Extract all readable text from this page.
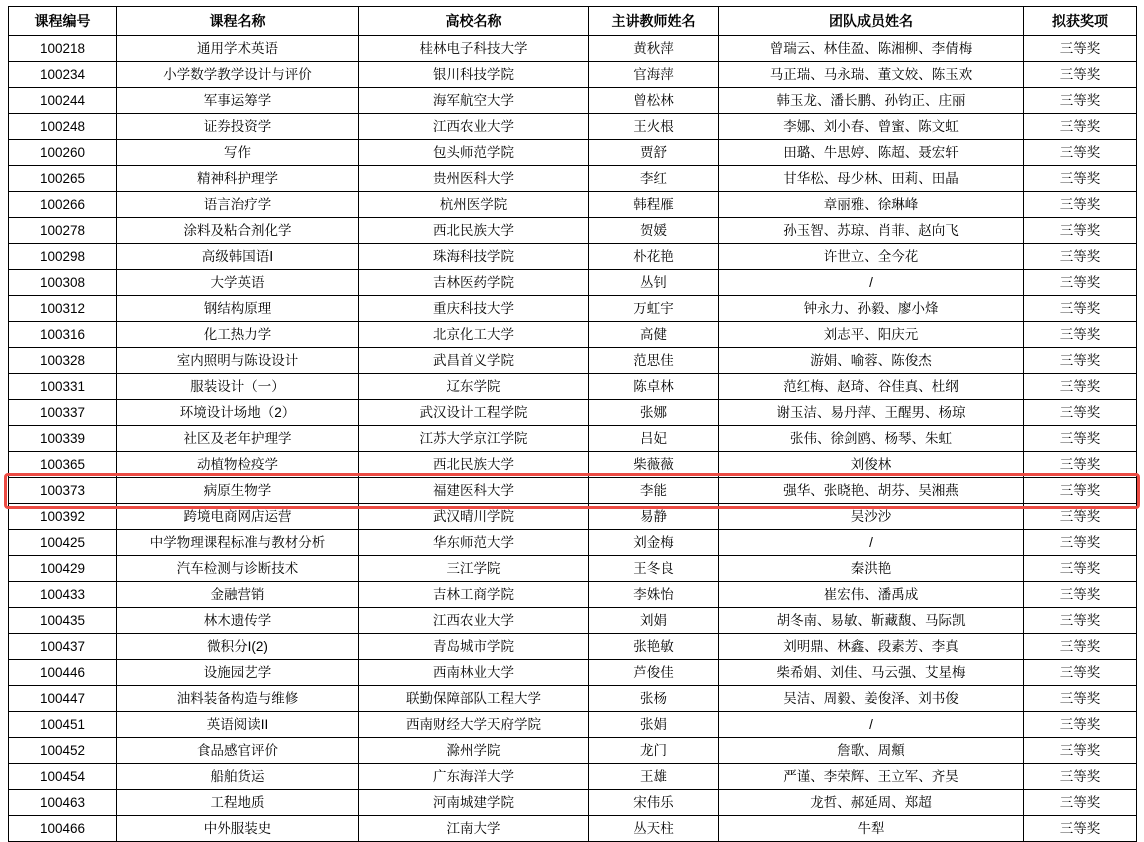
课程编号	课程名称	高校名称	主讲教师姓名	团队成员姓名	拟获奖项
100218	通用学术英语	桂林电子科技大学	黄秋萍	曾瑞云、林佳盈、陈湘柳、李倩梅	三等奖
100234	小学数学教学设计与评价	银川科技学院	官海萍	马正瑞、马永瑞、董文姣、陈玉欢	三等奖
100244	军事运筹学	海军航空大学	曾松林	韩玉龙、潘长鹏、孙钧正、庄丽	三等奖
100248	证券投资学	江西农业大学	王火根	李娜、刘小春、曾蜜、陈文虹	三等奖
100260	写作	包头师范学院	贾舒	田璐、牛思婷、陈超、聂宏轩	三等奖
100265	精神科护理学	贵州医科大学	李红	甘华松、母少林、田莉、田晶	三等奖
100266	语言治疗学	杭州医学院	韩程雁	章丽雅、徐琳峰	三等奖
100278	涂料及粘合剂化学	西北民族大学	贺媛	孙玉智、苏琼、肖菲、赵向飞	三等奖
100298	高级韩国语Ⅰ	珠海科技学院	朴花艳	许世立、全今花	三等奖
100308	大学英语	吉林医药学院	丛钊	/	三等奖
100312	钢结构原理	重庆科技大学	万虹宇	钟永力、孙毅、廖小烽	三等奖
100316	化工热力学	北京化工大学	高健	刘志平、阳庆元	三等奖
100328	室内照明与陈设设计	武昌首义学院	范思佳	游娟、喻蓉、陈俊杰	三等奖
100331	服装设计（一）	辽东学院	陈卓林	范红梅、赵琦、谷佳真、杜纲	三等奖
100337	环境设计场地（2）	武汉设计工程学院	张娜	谢玉洁、易丹萍、王醒男、杨琼	三等奖
100339	社区及老年护理学	江苏大学京江学院	吕妃	张伟、徐剑鸥、杨琴、朱虹	三等奖
100365	动植物检疫学	西北民族大学	柴薇薇	刘俊林	三等奖
100373	病原生物学	福建医科大学	李能	强华、张晓艳、胡芬、吴湘燕	三等奖
100392	跨境电商网店运营	武汉晴川学院	易静	吴沙沙	三等奖
100425	中学物理课程标准与教材分析	华东师范大学	刘金梅	/	三等奖
100429	汽车检测与诊断技术	三江学院	王冬良	秦洪艳	三等奖
100433	金融营销	吉林工商学院	李姝怡	崔宏伟、潘禹成	三等奖
100435	林木遗传学	江西农业大学	刘娟	胡冬南、易敏、靳藏馥、马际凯	三等奖
100437	微积分I(2)	青岛城市学院	张艳敏	刘明鼎、林鑫、段素芳、李真	三等奖
100446	设施园艺学	西南林业大学	芦俊佳	柴希娟、刘佳、马云强、艾星梅	三等奖
100447	油料装备构造与维修	联勤保障部队工程大学	张杨	吴洁、周毅、姜俊泽、刘书俊	三等奖
100451	英语阅读II	西南财经大学天府学院	张娟	/	三等奖
100452	食品感官评价	滁州学院	龙门	詹歌、周頫	三等奖
100454	船舶货运	广东海洋大学	王雄	严谨、李荣辉、王立军、齐昊	三等奖
100463	工程地质	河南城建学院	宋伟乐	龙哲、郝延周、郑超	三等奖
100466	中外服装史	江南大学	丛天柱	牛犁	三等奖
